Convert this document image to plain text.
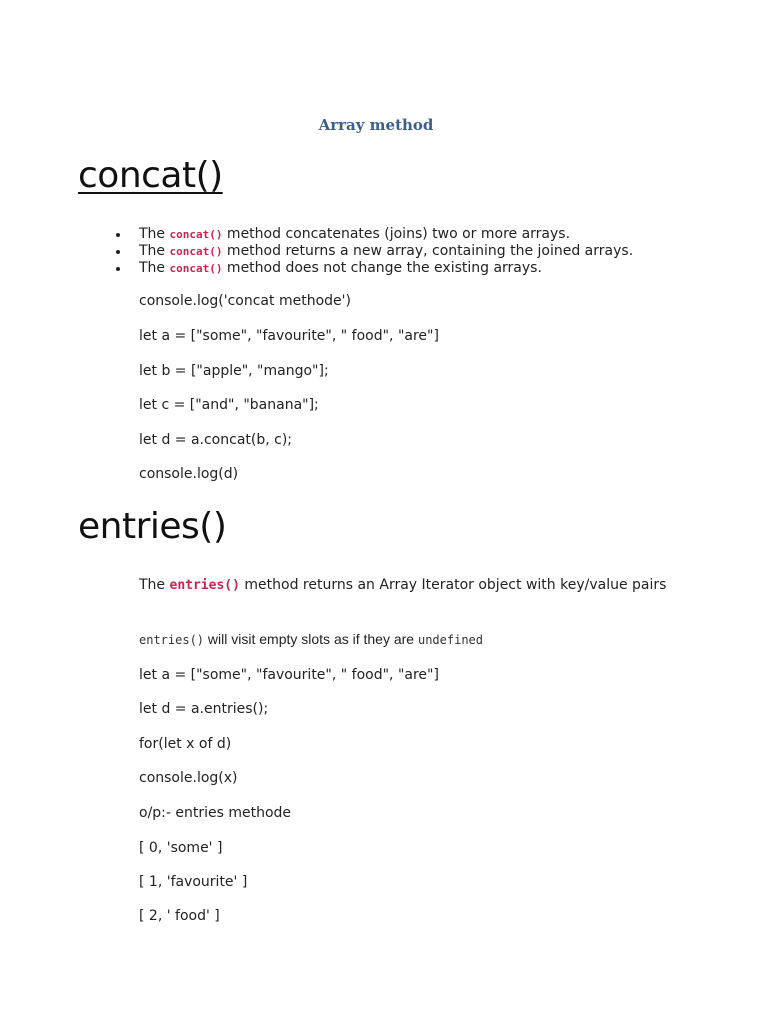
Array method
concat()
The concat() method concatenates (joins) two or more arrays.
The concat() method returns a new array, containing the joined arrays.
The concat() method does not change the existing arrays.
console.log('concat methode')
let a = ["some", "favourite", " food", "are"]
let b = ["apple", "mango"];
let c = ["and", "banana"];
let d = a.concat(b, c);
console.log(d)
entries()
The entries() method returns an Array Iterator object with key/value pairs
entries() will visit empty slots as if they are undefined
let a = ["some", "favourite", " food", "are"]
let d = a.entries();
for(let x of d)
console.log(x)
o/p:- entries methode
[ 0, 'some' ]
[ 1, 'favourite' ]
[ 2, ' food' ]
